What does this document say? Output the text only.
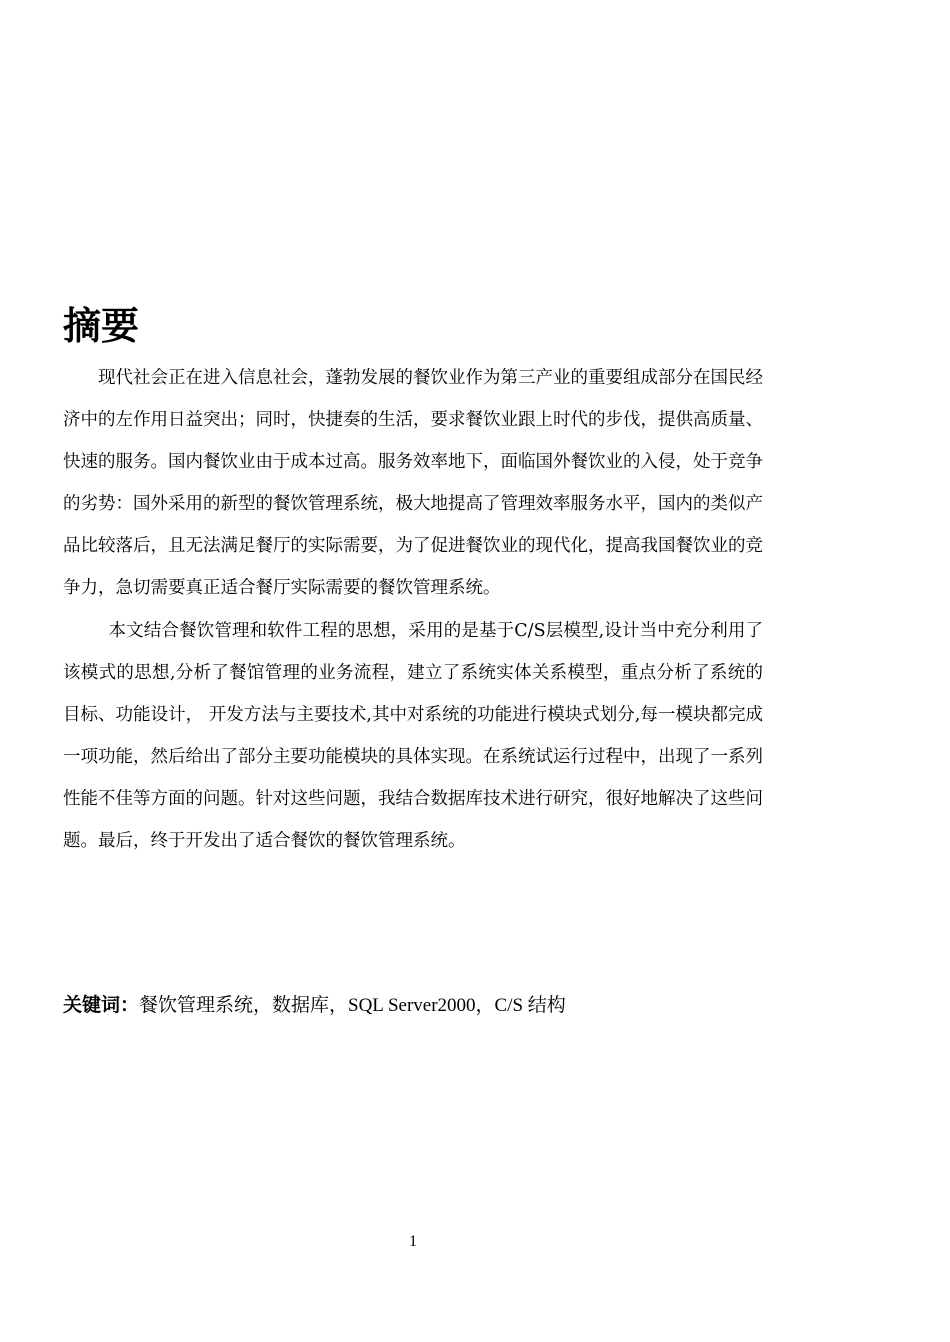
摘要

现代社会正在进入信息社会，蓬勃发展的餐饮业作为第三产业的重要组成部分在国民经济中的左作用日益突出；同时，快捷奏的生活，要求餐饮业跟上时代的步伐，提供高质量、快速的服务。国内餐饮业由于成本过高。服务效率地下，面临国外餐饮业的入侵，处于竞争的劣势：国外采用的新型的餐饮管理系统，极大地提高了管理效率服务水平，国内的类似产品比较落后，且无法满足餐厅的实际需要，为了促进餐饮业的现代化，提高我国餐饮业的竞争力，急切需要真正适合餐厅实际需要的餐饮管理系统。

本文结合餐饮管理和软件工程的思想，采用的是基于C/S层模型,设计当中充分利用了该模式的思想,分析了餐馆管理的业务流程，建立了系统实体关系模型，重点分析了系统的目标、功能设计， 开发方法与主要技术,其中对系统的功能进行模块式划分,每一模块都完成一项功能，然后给出了部分主要功能模块的具体实现。在系统试运行过程中，出现了一系列性能不佳等方面的问题。针对这些问题，我结合数据库技术进行研究，很好地解决了这些问题。最后，终于开发出了适合餐饮的餐饮管理系统。

关键词：餐饮管理系统，数据库，SQL Server2000，C/S 结构

1
